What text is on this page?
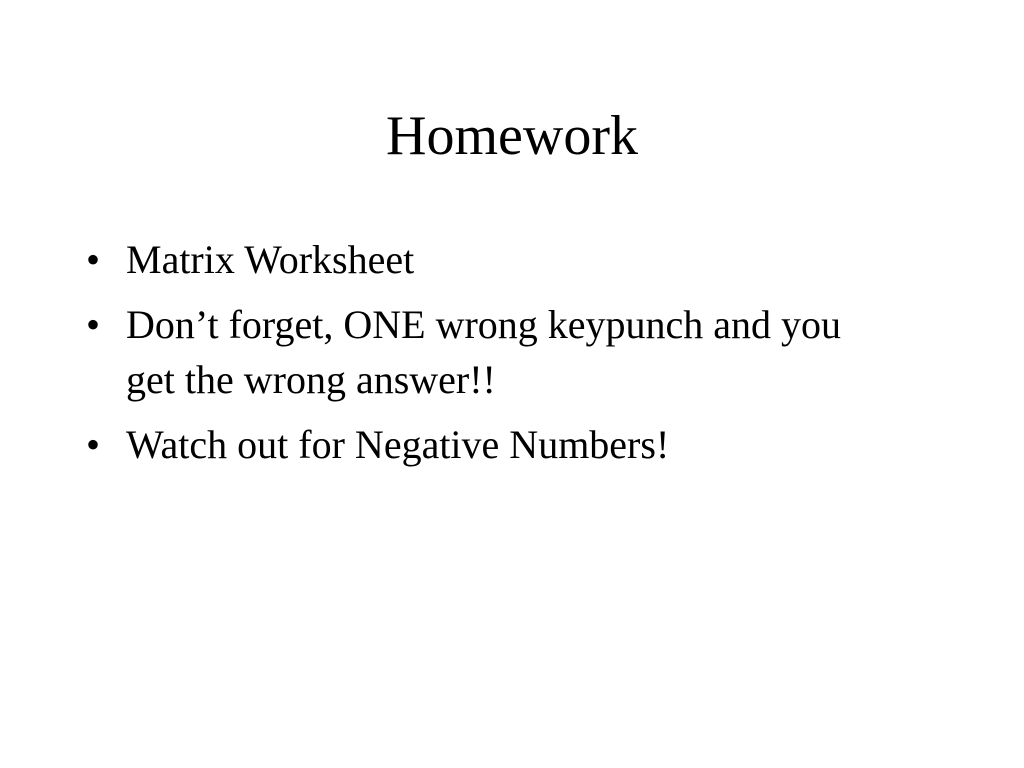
Homework
• Matrix Worksheet
• Don’t forget, ONE wrong keypunch and you get the wrong answer!!
• Watch out for Negative Numbers!
